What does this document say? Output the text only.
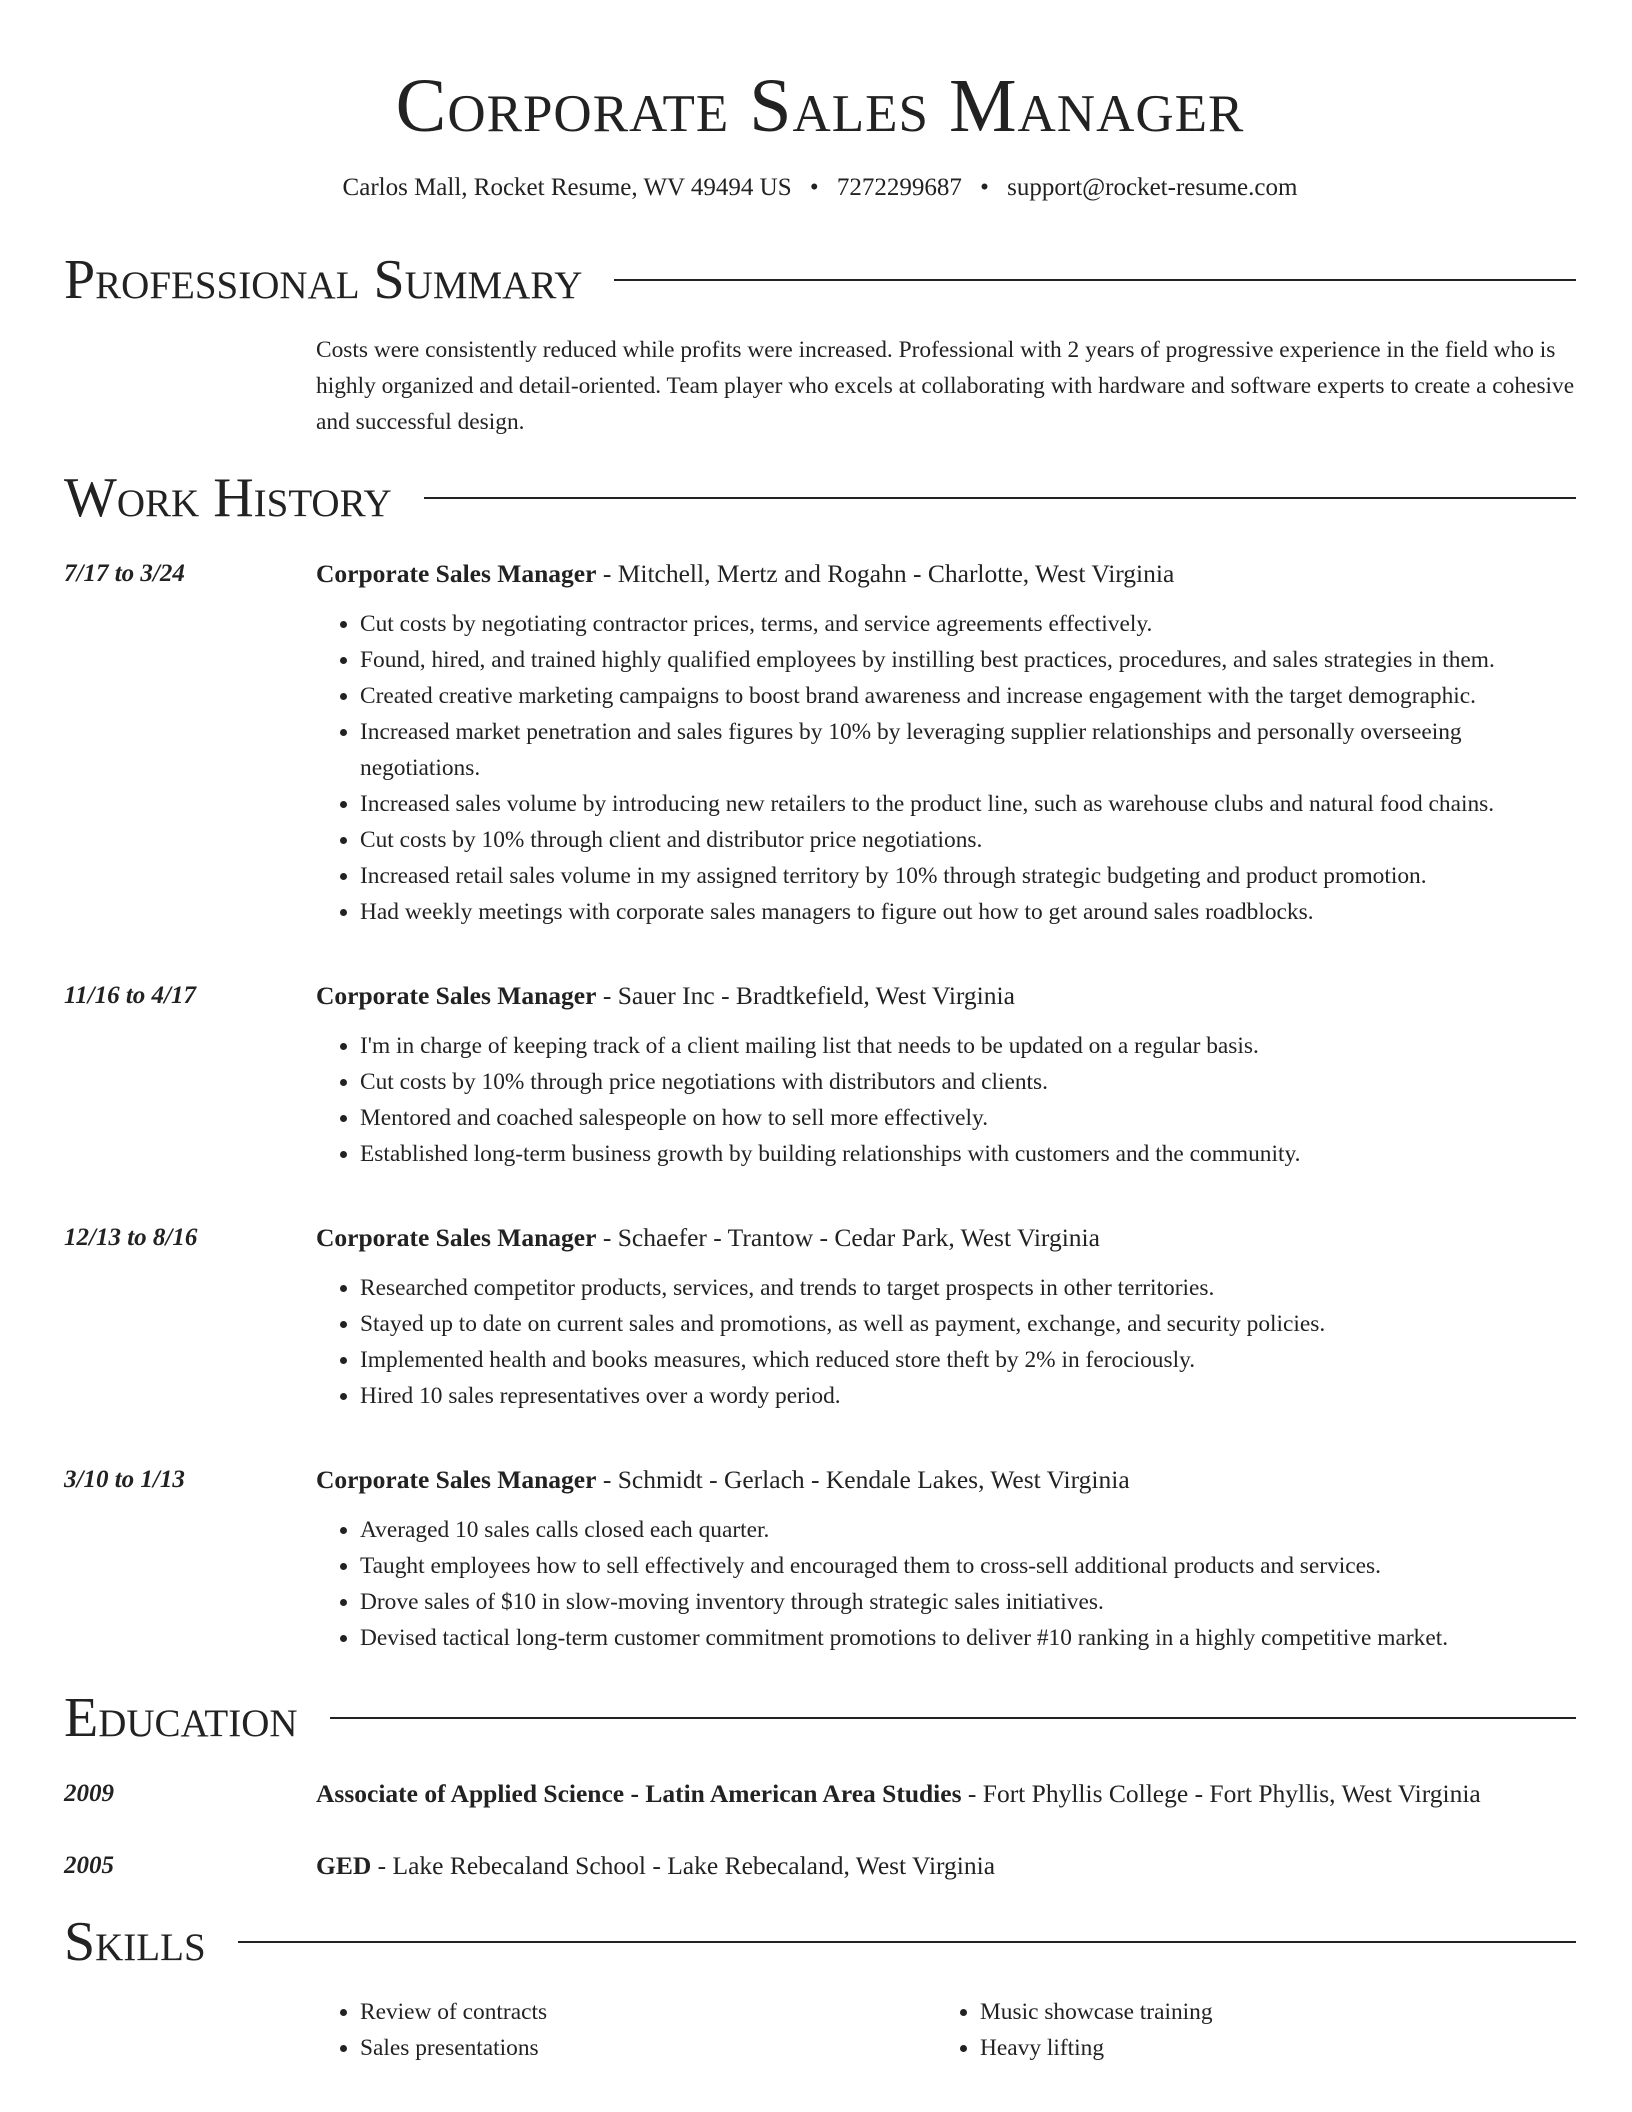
Corporate Sales Manager
Carlos Mall, Rocket Resume, WV 49494 US • 7272299687 • support@rocket-resume.com
Professional Summary
Costs were consistently reduced while profits were increased. Professional with 2 years of progressive experience in the field who is highly organized and detail-oriented. Team player who excels at collaborating with hardware and software experts to create a cohesive and successful design.
Work History
7/17 to 3/24	Corporate Sales Manager - Mitchell, Mertz and Rogahn - Charlotte, West Virginia
• Cut costs by negotiating contractor prices, terms, and service agreements effectively.
• Found, hired, and trained highly qualified employees by instilling best practices, procedures, and sales strategies in them.
• Created creative marketing campaigns to boost brand awareness and increase engagement with the target demographic.
• Increased market penetration and sales figures by 10% by leveraging supplier relationships and personally overseeing negotiations.
• Increased sales volume by introducing new retailers to the product line, such as warehouse clubs and natural food chains.
• Cut costs by 10% through client and distributor price negotiations.
• Increased retail sales volume in my assigned territory by 10% through strategic budgeting and product promotion.
• Had weekly meetings with corporate sales managers to figure out how to get around sales roadblocks.
11/16 to 4/17	Corporate Sales Manager - Sauer Inc - Bradtkefield, West Virginia
• I'm in charge of keeping track of a client mailing list that needs to be updated on a regular basis.
• Cut costs by 10% through price negotiations with distributors and clients.
• Mentored and coached salespeople on how to sell more effectively.
• Established long-term business growth by building relationships with customers and the community.
12/13 to 8/16	Corporate Sales Manager - Schaefer - Trantow - Cedar Park, West Virginia
• Researched competitor products, services, and trends to target prospects in other territories.
• Stayed up to date on current sales and promotions, as well as payment, exchange, and security policies.
• Implemented health and books measures, which reduced store theft by 2% in ferociously.
• Hired 10 sales representatives over a wordy period.
3/10 to 1/13	Corporate Sales Manager - Schmidt - Gerlach - Kendale Lakes, West Virginia
• Averaged 10 sales calls closed each quarter.
• Taught employees how to sell effectively and encouraged them to cross-sell additional products and services.
• Drove sales of $10 in slow-moving inventory through strategic sales initiatives.
• Devised tactical long-term customer commitment promotions to deliver #10 ranking in a highly competitive market.
Education
2009	Associate of Applied Science - Latin American Area Studies - Fort Phyllis College - Fort Phyllis, West Virginia
2005	GED - Lake Rebecaland School - Lake Rebecaland, West Virginia
Skills
• Review of contracts
• Sales presentations
• Music showcase training
• Heavy lifting
